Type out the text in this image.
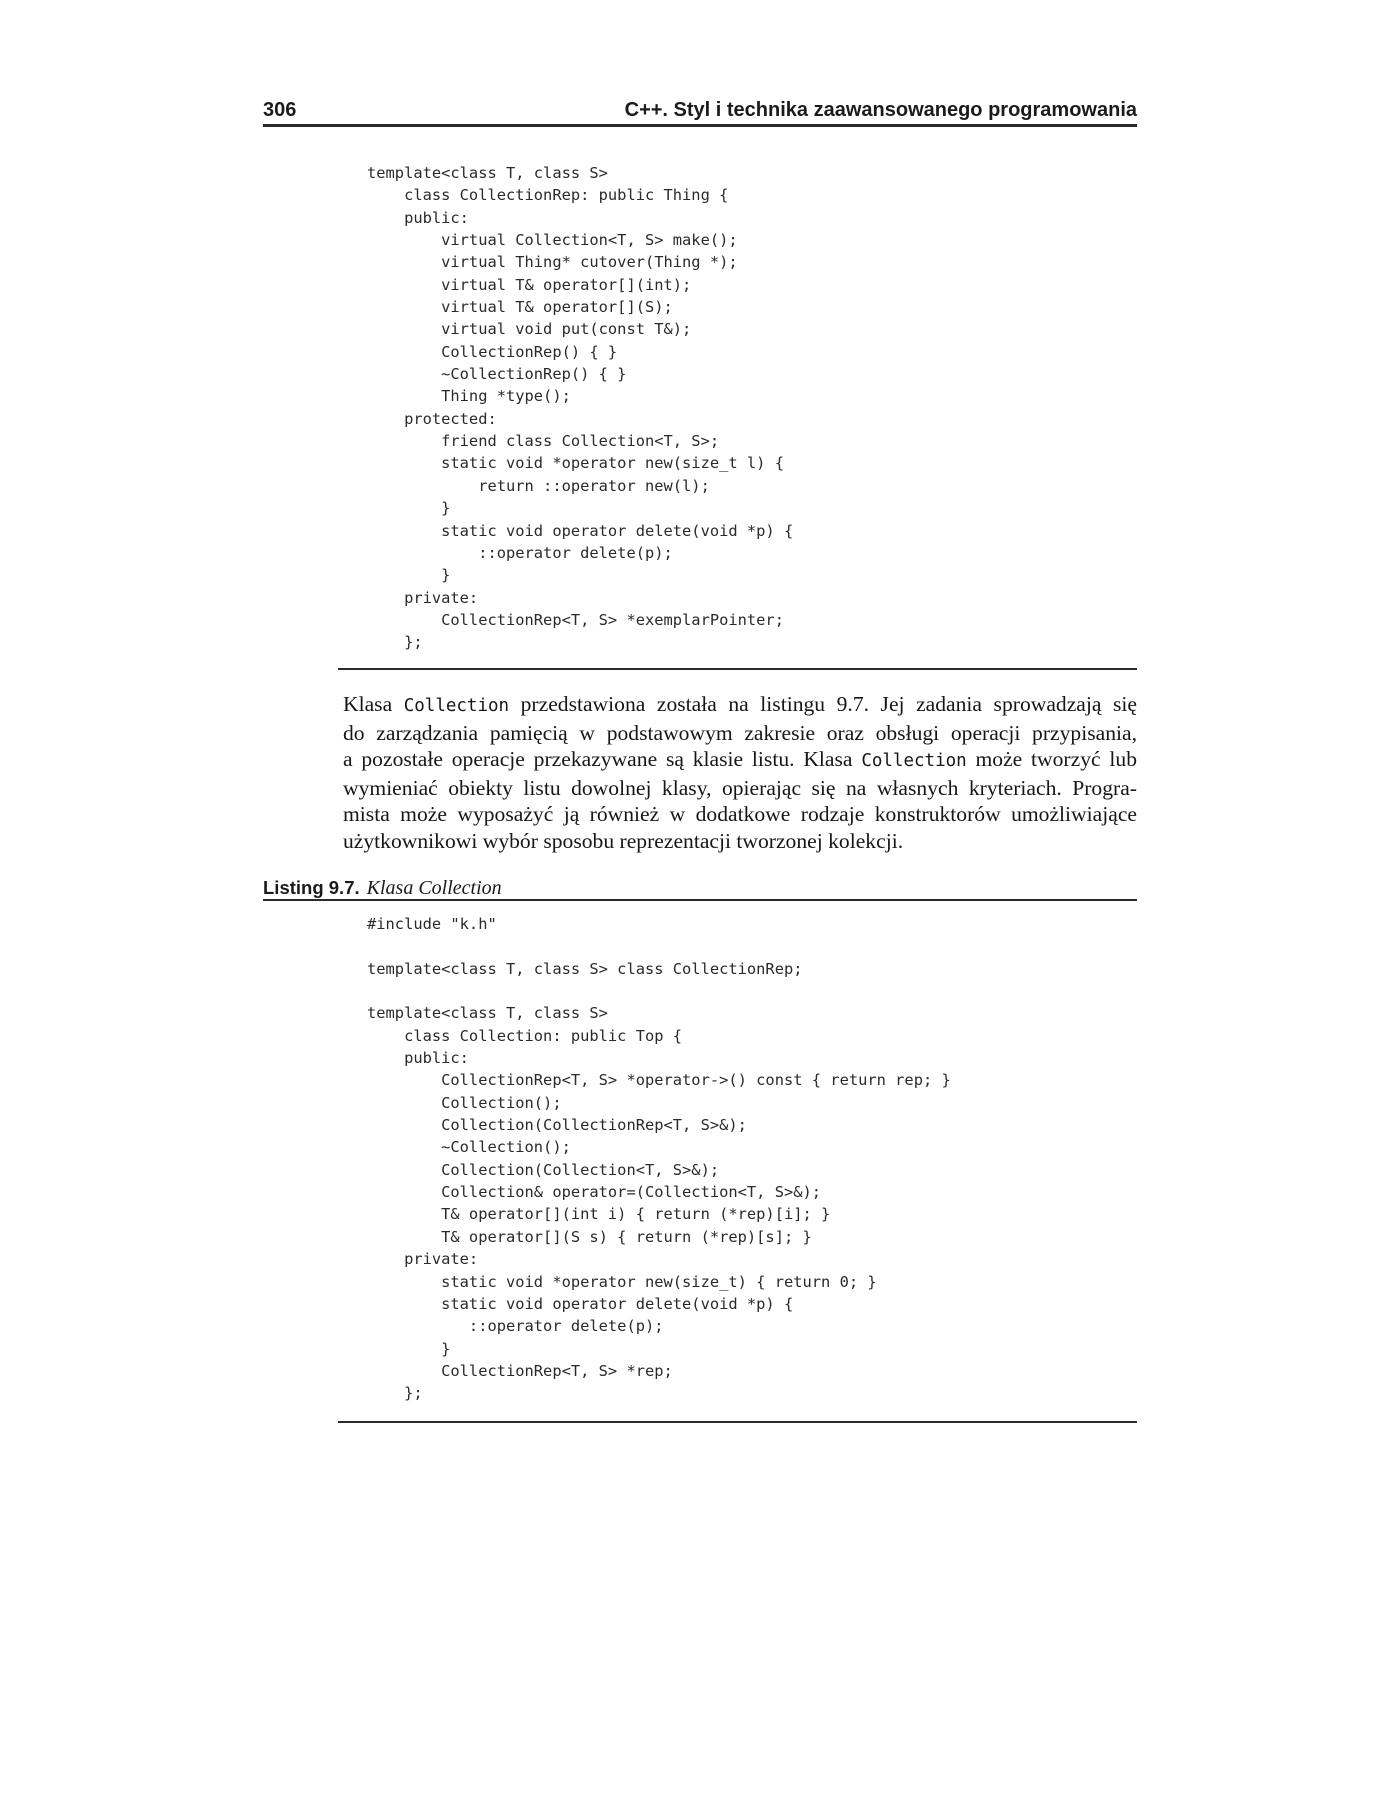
306	C++. Styl i technika zaawansowanego programowania
template<class T, class S>
class CollectionRep: public Thing {
public:
virtual Collection<T, S> make();
virtual Thing* cutover(Thing *);
virtual T& operator[](int);
virtual T& operator[](S);
virtual void put(const T&);
CollectionRep() { }
~CollectionRep() { }
Thing *type();
protected:
friend class Collection<T, S>;
static void *operator new(size_t l) {
return ::operator new(l);
}
static void operator delete(void *p) {
::operator delete(p);
}
private:
CollectionRep<T, S> *exemplarPointer;
};

Klasa Collection przedstawiona została na listingu 9.7. Jej zadania sprowadzają się
do zarządzania pamięcią w podstawowym zakresie oraz obsługi operacji przypisania,
a pozostałe operacje przekazywane są klasie listu. Klasa Collection może tworzyć lub
wymieniać obiekty listu dowolnej klasy, opierając się na własnych kryteriach. Progra-
mista może wyposażyć ją również w dodatkowe rodzaje konstruktorów umożliwiające
użytkownikowi wybór sposobu reprezentacji tworzonej kolekcji.

Listing 9.7. Klasa Collection
#include "k.h"

template<class T, class S> class CollectionRep;

template<class T, class S>
class Collection: public Top {
public:
CollectionRep<T, S> *operator->() const { return rep; }
Collection();
Collection(CollectionRep<T, S>&);
~Collection();
Collection(Collection<T, S>&);
Collection& operator=(Collection<T, S>&);
T& operator[](int i) { return (*rep)[i]; }
T& operator[](S s) { return (*rep)[s]; }
private:
static void *operator new(size_t) { return 0; }
static void operator delete(void *p) {
::operator delete(p);
}
CollectionRep<T, S> *rep;
};
